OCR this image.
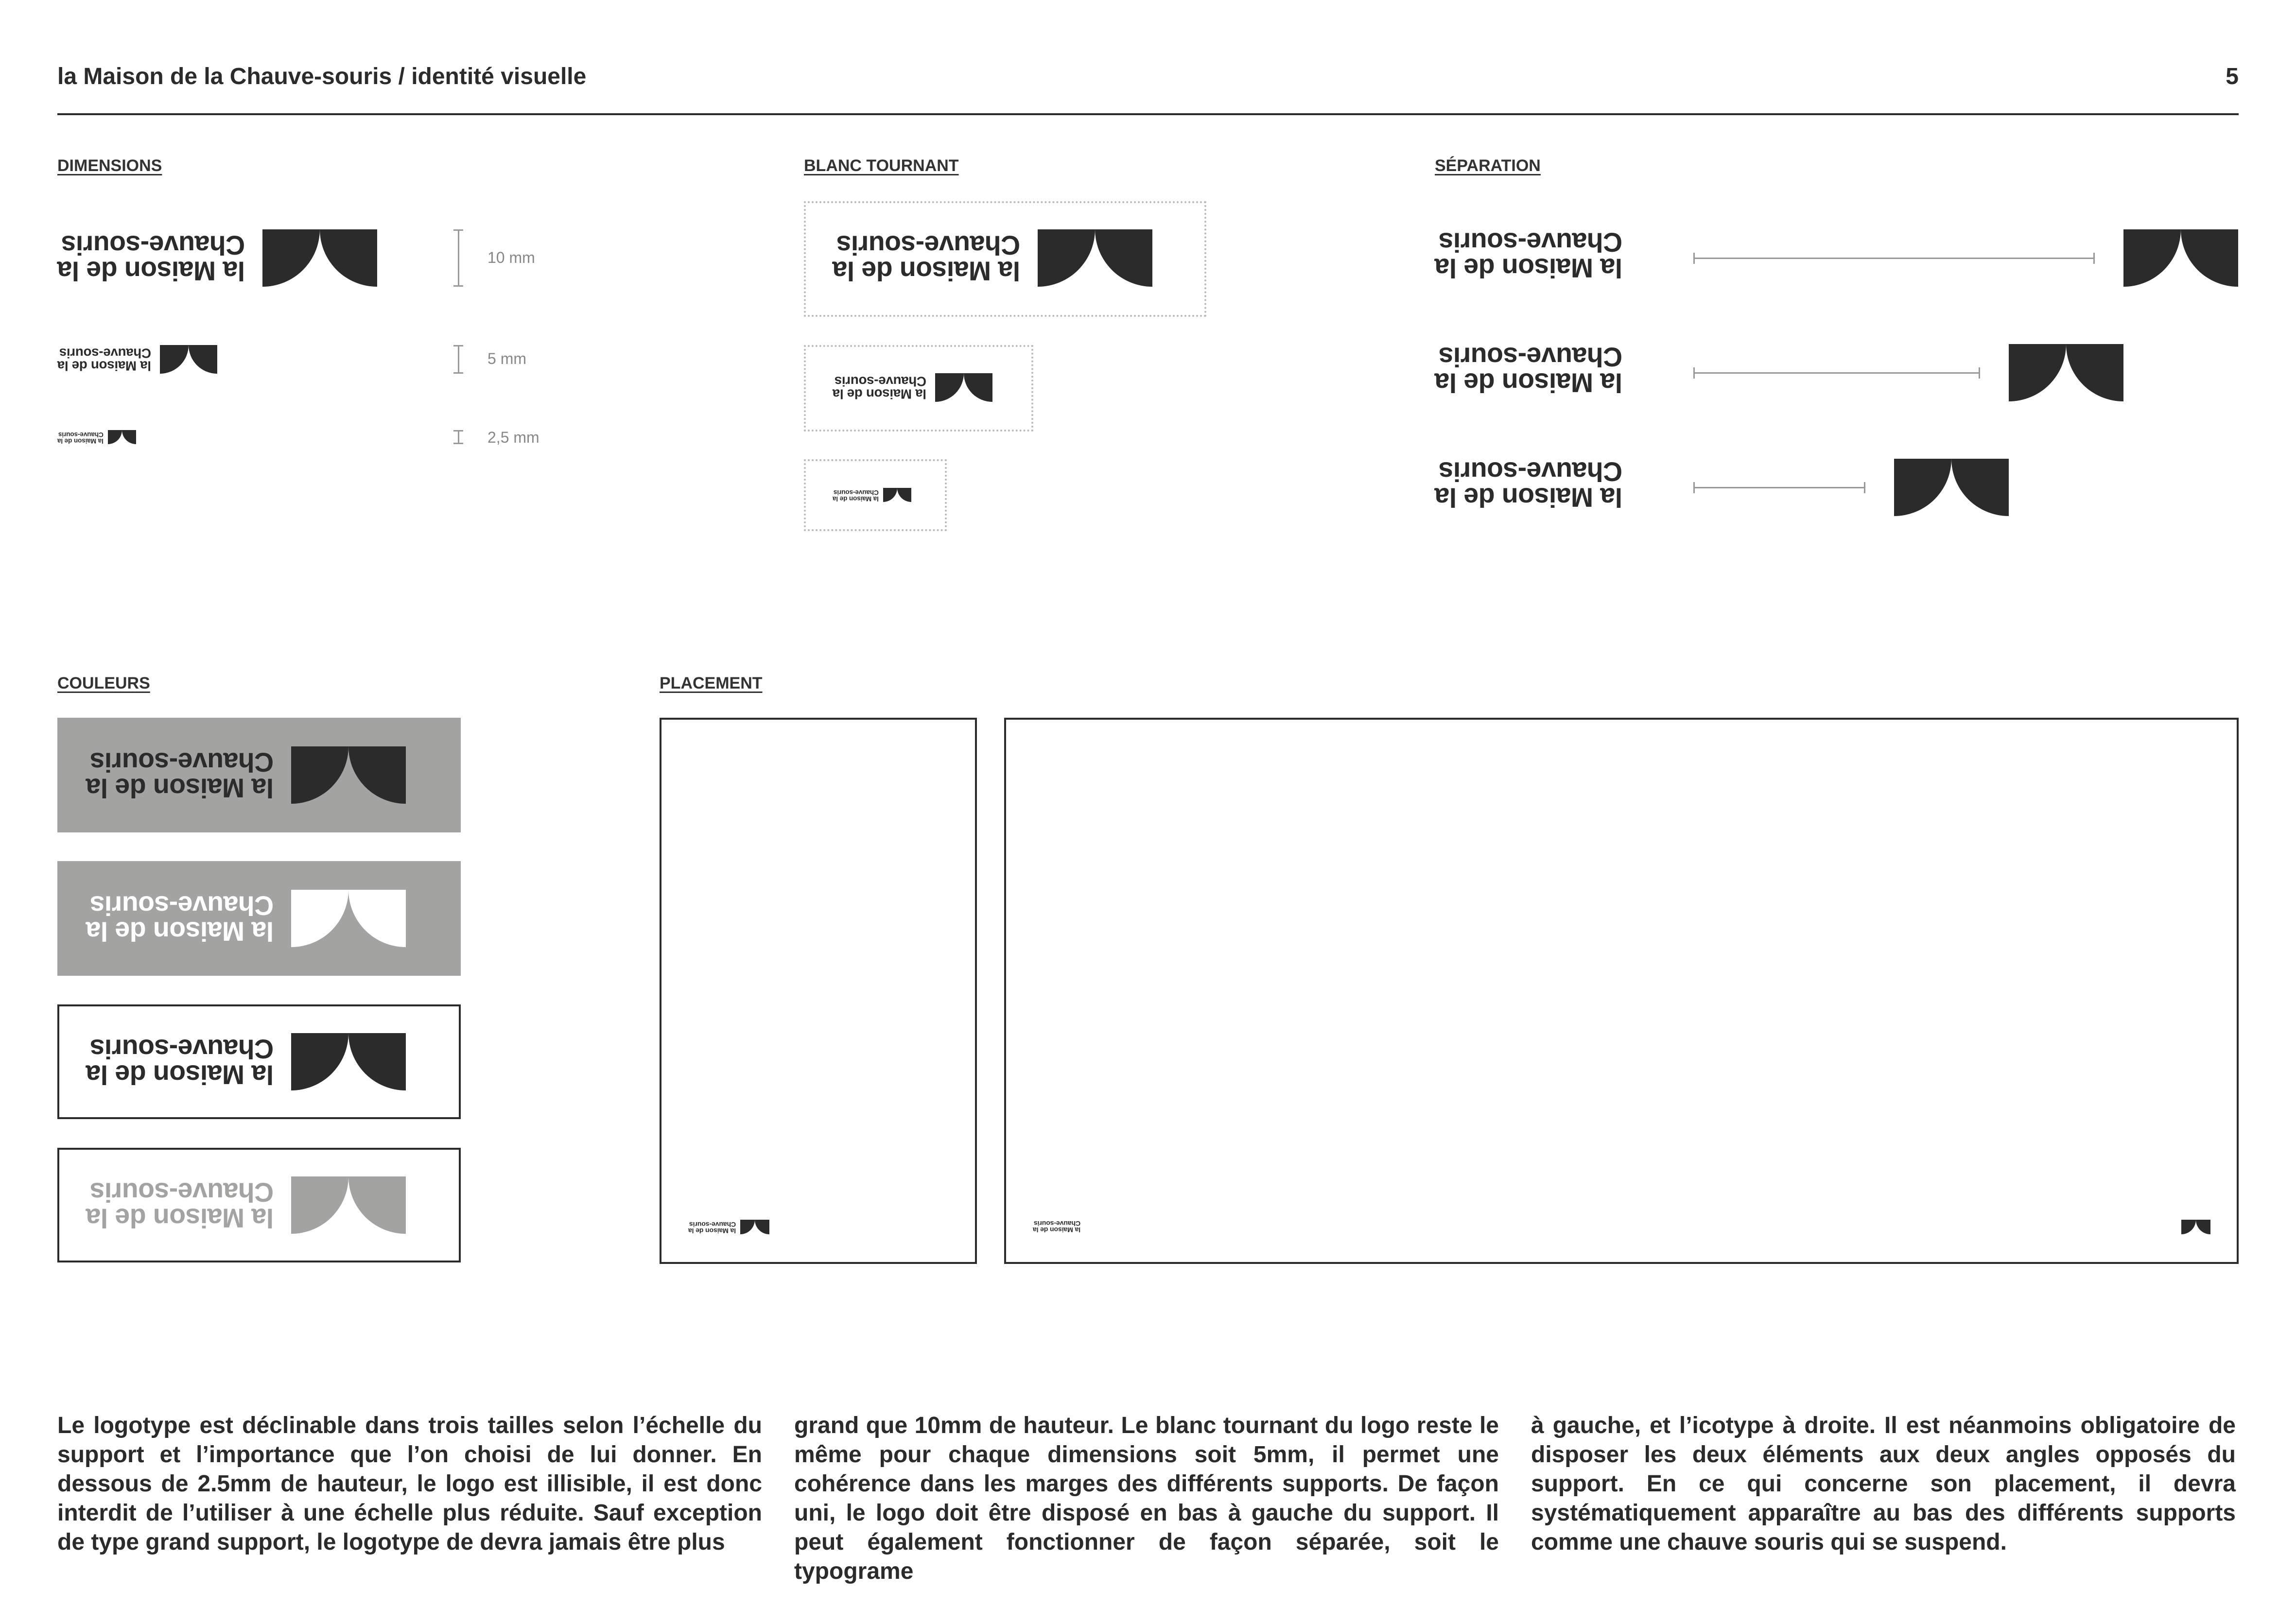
la Maison de la Chauve-souris / identité visuelle	5
DIMENSIONS	BLANC TOURNANT	SÉPARATION
COULEURS	PLACEMENT
la Maison de la
Chauve-souris
la Maison de la
Chauve-souris
la Maison de la
Chauve-souris
10 mm
5 mm
2,5 mm
la Maison de la
Chauve-souris
la Maison de la
Chauve-souris
la Maison de la
Chauve-souris
la Maison de la
Chauve-souris
la Maison de la
Chauve-souris
la Maison de la
Chauve-souris
la Maison de la
Chauve-souris
la Maison de la
Chauve-souris
la Maison de la
Chauve-souris
la Maison de la
Chauve-souris
la Maison de la
Chauve-souris
la Maison de la
Chauve-souris
Le logotype est déclinable dans trois tailles selon l’échelle du support et l’importance que l’on choisi de lui donner. En dessous de 2.5mm de hauteur, le logo est illisible, il est donc interdit de l’utiliser à une échelle plus réduite. Sauf exception de type grand support, le logotype de devra jamais être plus
grand que 10mm de hauteur. Le blanc tournant du logo reste le même pour chaque dimensions soit 5mm, il permet une cohérence dans les marges des différents supports. De façon uni, le logo doit être disposé en bas à gauche du support. Il peut également fonctionner de façon séparée, soit le typograme
à gauche, et l’icotype à droite. Il est néanmoins obligatoire de disposer les deux éléments aux deux angles opposés du support. En ce qui concerne son placement, il devra systématiquement apparaître au bas des différents supports comme une chauve souris qui se suspend.
